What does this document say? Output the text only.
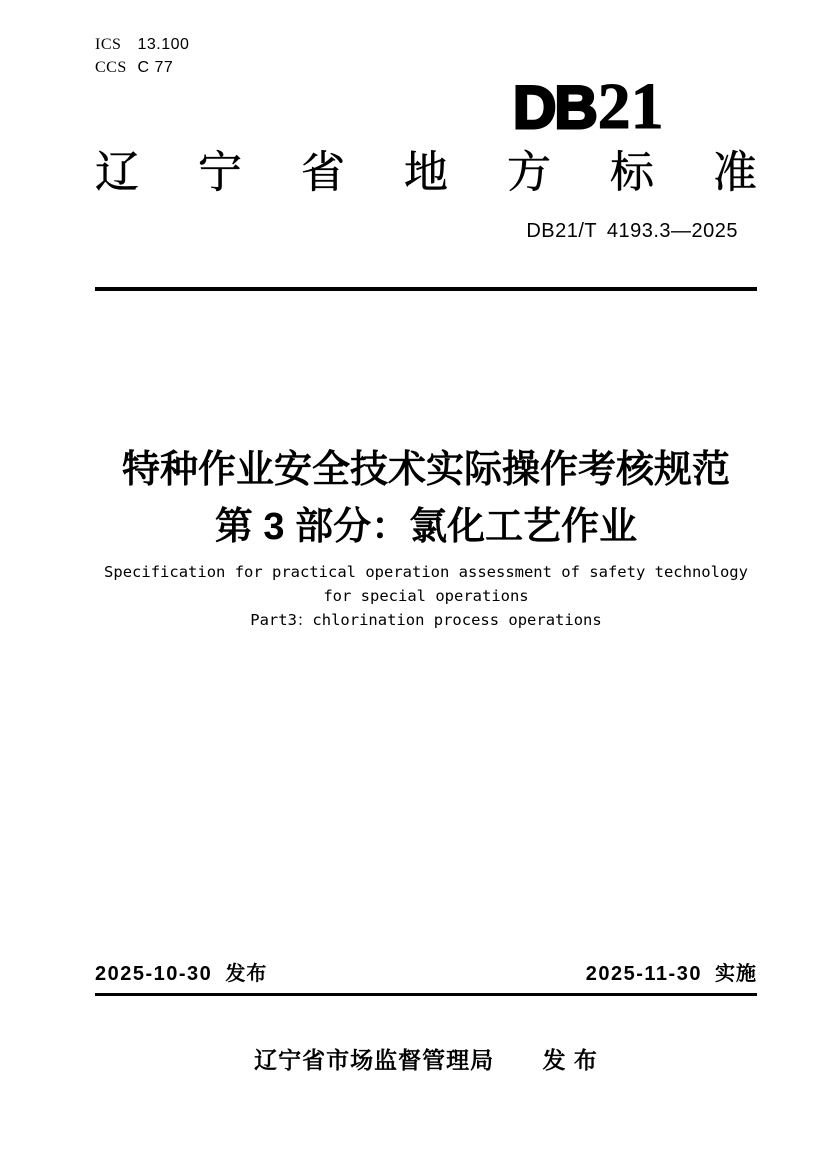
ICS 13.100
CCS C 77
DB 21
辽 宁 省 地 方 标 准
DB21/T 4193.3—2025
特种作业安全技术实际操作考核规范
第 3 部分：氯化工艺作业
Specification for practical operation assessment of safety technology
for special operations
Part3：chlorination process operations
2025-10-30 发布	2025-11-30 实施
辽宁省市场监督管理局 发 布
